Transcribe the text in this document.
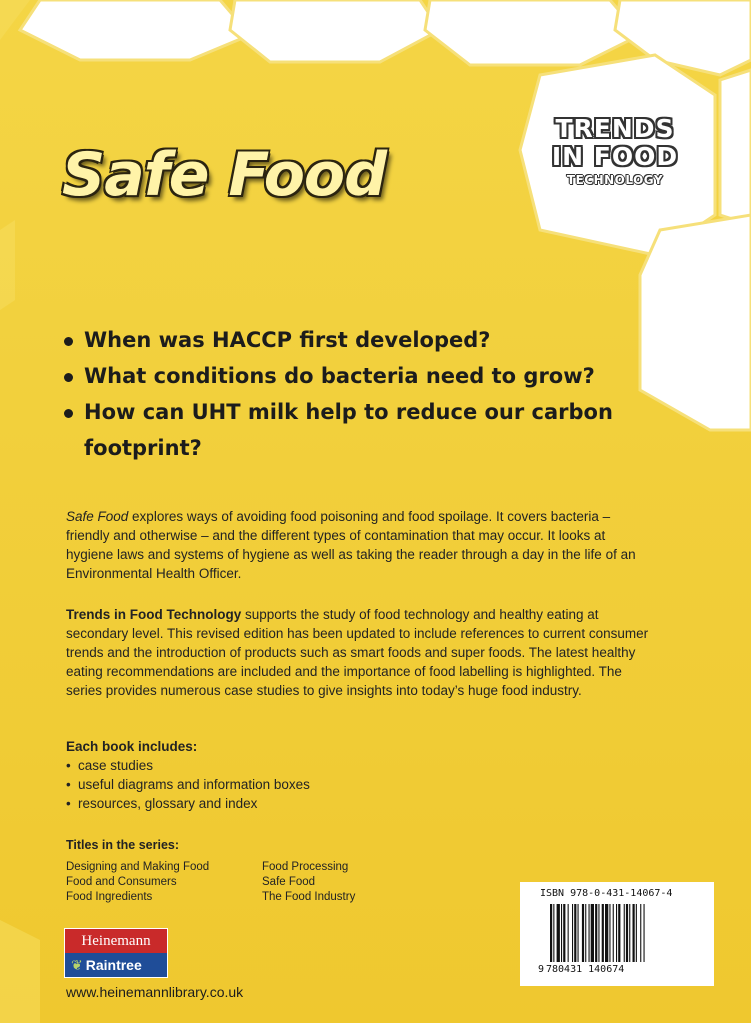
Safe Food
TRENDS
IN FOOD
TECHNOLOGY
When was HACCP first developed?
What conditions do bacteria need to grow?
How can UHT milk help to reduce our carbon footprint?

Safe Food explores ways of avoiding food poisoning and food spoilage. It covers bacteria – friendly and otherwise – and the different types of contamination that may occur. It looks at hygiene laws and systems of hygiene as well as taking the reader through a day in the life of an Environmental Health Officer.

Trends in Food Technology supports the study of food technology and healthy eating at secondary level. This revised edition has been updated to include references to current consumer trends and the introduction of products such as smart foods and super foods. The latest healthy eating recommendations are included and the importance of food labelling is highlighted. The series provides numerous case studies to give insights into today’s huge food industry.

Each book includes:
• case studies
• useful diagrams and information boxes
• resources, glossary and index
Titles in the series:
Designing and Making Food
Food and Consumers
Food Ingredients
Food Processing
Safe Food
The Food Industry
Heinemann
❦ Raintree
www.heinemannlibrary.co.uk
ISBN 978-0-431-14067-4
9 780431 140674
